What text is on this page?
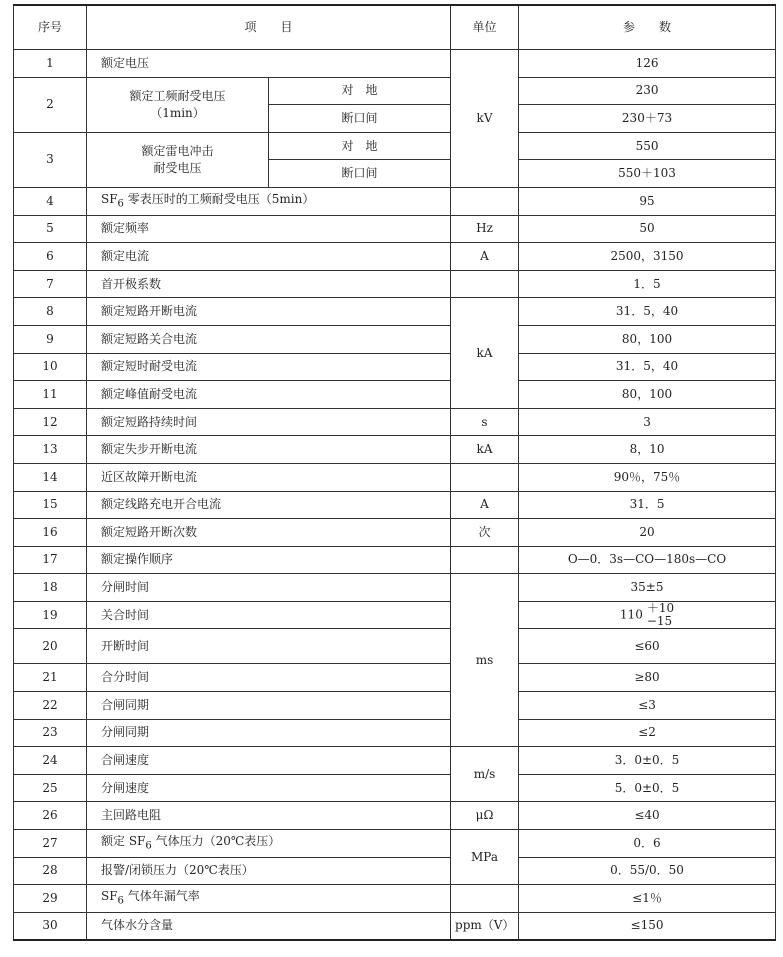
序号	项　　目		单位	参　　数
1	额定电压		kV	126
2	额定工频耐受电压
（1min）	对　地		230
		断口间		230＋73
3	额定雷电冲击
耐受电压	对　地		550
		断口间		550＋103
4	$SF_6$ 零表压时的工频耐受电压（5min）			95
5	额定频率		Hz	50
6	额定电流		A	2500，3150
7	首开极系数			1．5
8	额定短路开断电流		kA	31．5，40
9	额定短路关合电流			80，100
10	额定短时耐受电流			31．5，40
11	额定峰值耐受电流			80，100
12	额定短路持续时间		s	3
13	额定失步开断电流		kA	8，10
14	近区故障开断电流			90％，75％
15	额定线路充电开合电流		A	31．5
16	额定短路开断次数		次	20
17	额定操作顺序			O—0．3s—CO—180s—CO
18	分闸时间		ms	35±5
19	关合时间			110 ＋10
−15

20	开断时间			≤60
21	合分时间			≥80
22	合闸同期			≤3
23	分闸同期			≤2
24	合闸速度		m/s	3．0±0．5
25	分闸速度			5．0±0．5
26	主回路电阻		μΩ	≤40
27	额定 $SF_6$ 气体压力（20℃表压）		MPa	0．6
28	报警/闭锁压力（20℃表压）			0．55/0．50
29	$SF_6$ 气体年漏气率			≤1％
30	气体水分含量		ppm（V）	≤150
